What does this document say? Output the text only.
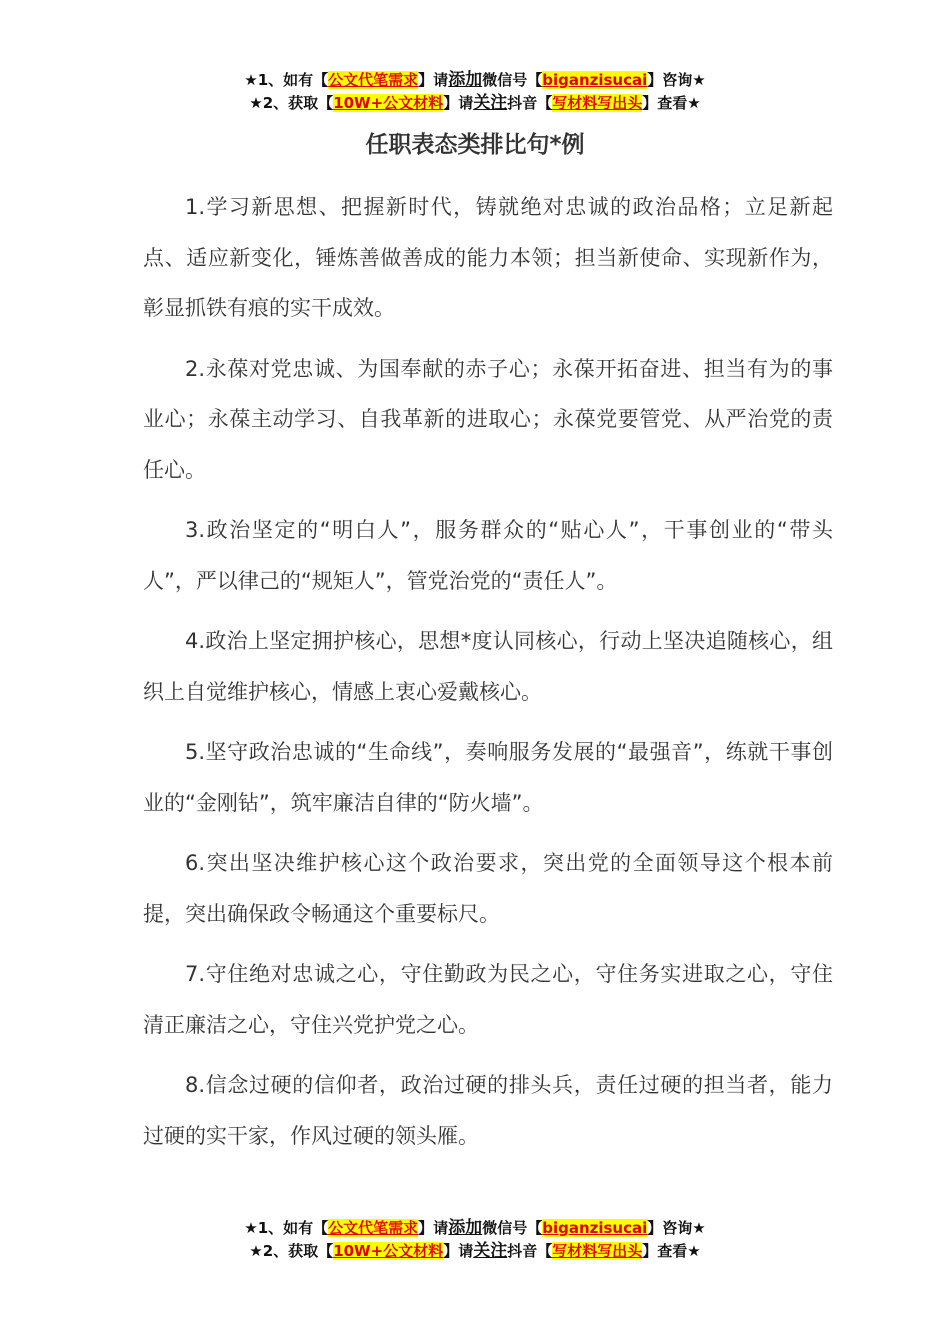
★1、如有【公文代笔需求】请添加微信号【biganzisucai】咨询★
★2、获取【10W+公文材料】请关注抖音【写材料写出头】查看★
任职表态类排比句*例

1.学习新思想、把握新时代，铸就绝对忠诚的政治品格；立足新起点、适应新变化，锤炼善做善成的能力本领；担当新使命、实现新作为，彰显抓铁有痕的实干成效。

2.永葆对党忠诚、为国奉献的赤子心；永葆开拓奋进、担当有为的事业心；永葆主动学习、自我革新的进取心；永葆党要管党、从严治党的责任心。

3.政治坚定的“明白人”，服务群众的“贴心人”，干事创业的“带头人”，严以律己的“规矩人”，管党治党的“责任人”。

4.政治上坚定拥护核心，思想*度认同核心，行动上坚决追随核心，组织上自觉维护核心，情感上衷心爱戴核心。

5.坚守政治忠诚的“生命线”，奏响服务发展的“最强音”，练就干事创业的“金刚钻”，筑牢廉洁自律的“防火墙”。

6.突出坚决维护核心这个政治要求，突出党的全面领导这个根本前提，突出确保政令畅通这个重要标尺。

7.守住绝对忠诚之心，守住勤政为民之心，守住务实进取之心，守住清正廉洁之心，守住兴党护党之心。

8.信念过硬的信仰者，政治过硬的排头兵，责任过硬的担当者，能力过硬的实干家，作风过硬的领头雁。

★1、如有【公文代笔需求】请添加微信号【biganzisucai】咨询★
★2、获取【10W+公文材料】请关注抖音【写材料写出头】查看★
